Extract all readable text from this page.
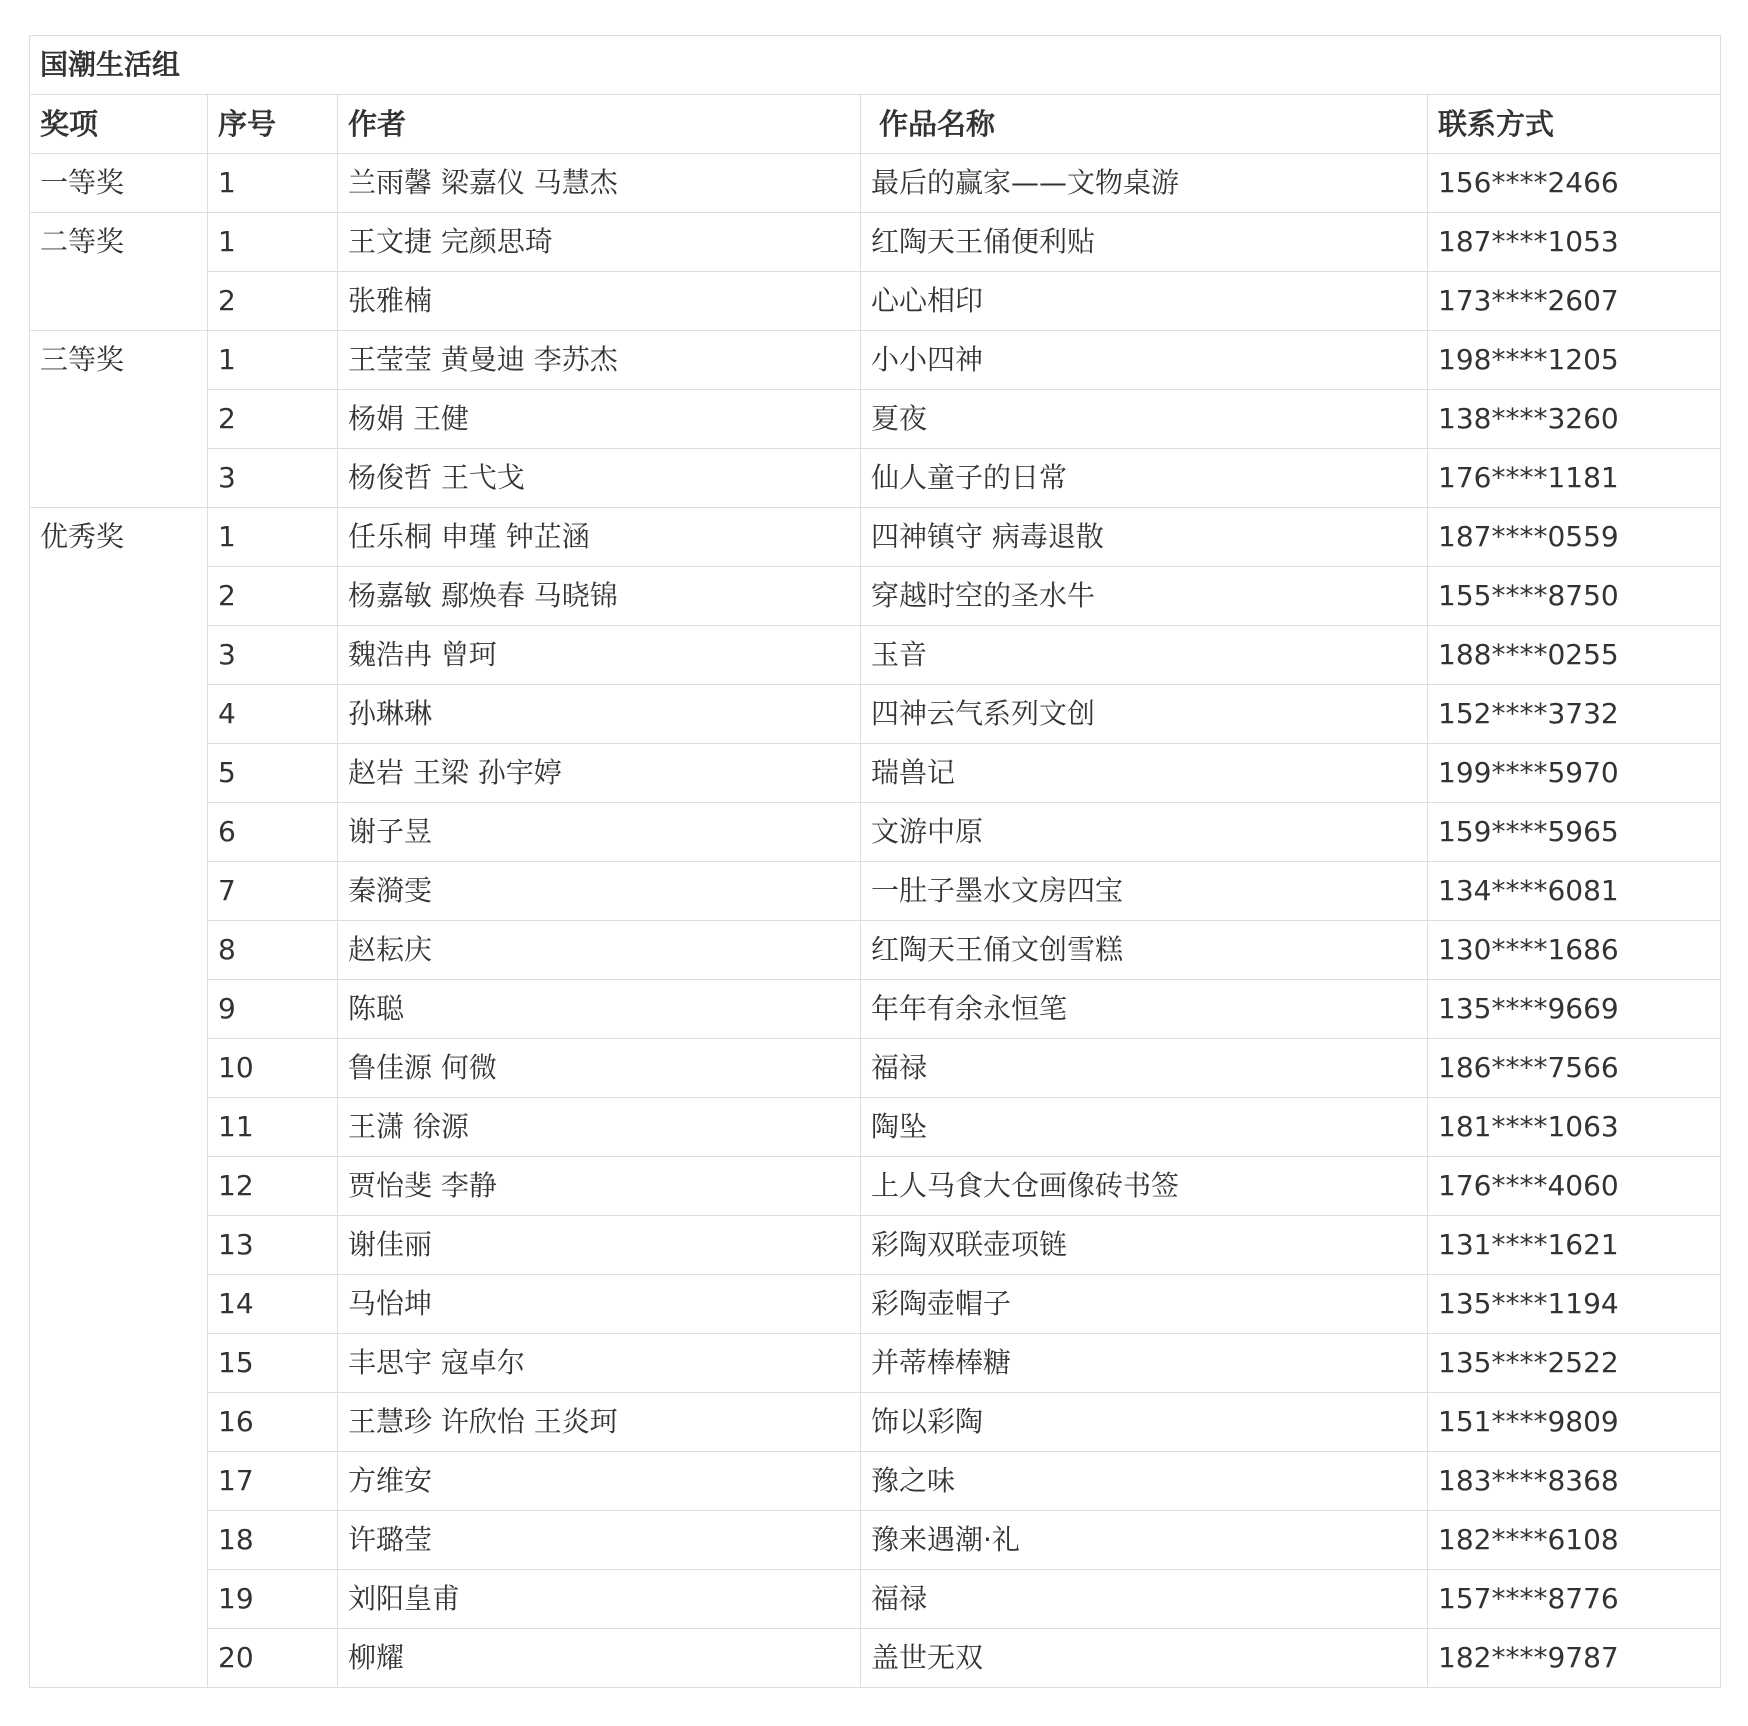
国潮生活组				
奖项	序号	作者	作品名称	联系方式
一等奖	1	兰雨馨 梁嘉仪 马慧杰	最后的赢家——文物桌游	156****2466
二等奖	1	王文捷 完颜思琦	红陶天王俑便利贴	187****1053
	2	张雅楠	心心相印	173****2607
三等奖	1	王莹莹 黄曼迪 李苏杰	小小四神	198****1205
	2	杨娟 王健	夏夜	138****3260
	3	杨俊哲 王弋戈	仙人童子的日常	176****1181
优秀奖	1	任乐桐 申瑾 钟芷涵	四神镇守 病毒退散	187****0559
	2	杨嘉敏 鄢焕春 马晓锦	穿越时空的圣水牛	155****8750
	3	魏浩冉 曾珂	玉音	188****0255
	4	孙琳琳	四神云气系列文创	152****3732
	5	赵岩 王梁 孙宇婷	瑞兽记	199****5970
	6	谢子昱	文游中原	159****5965
	7	秦漪雯	一肚子墨水文房四宝	134****6081
	8	赵耘庆	红陶天王俑文创雪糕	130****1686
	9	陈聪	年年有余永恒笔	135****9669
	10	鲁佳源 何微	福禄	186****7566
	11	王潇 徐源	陶坠	181****1063
	12	贾怡斐 李静	上人马食大仓画像砖书签	176****4060
	13	谢佳丽	彩陶双联壶项链	131****1621
	14	马怡坤	彩陶壶帽子	135****1194
	15	丰思宇 寇卓尔	并蒂棒棒糖	135****2522
	16	王慧珍 许欣怡 王炎珂	饰以彩陶	151****9809
	17	方维安	豫之味	183****8368
	18	许璐莹	豫来遇潮·礼	182****6108
	19	刘阳皇甫	福禄	157****8776
	20	柳耀	盖世无双	182****9787
